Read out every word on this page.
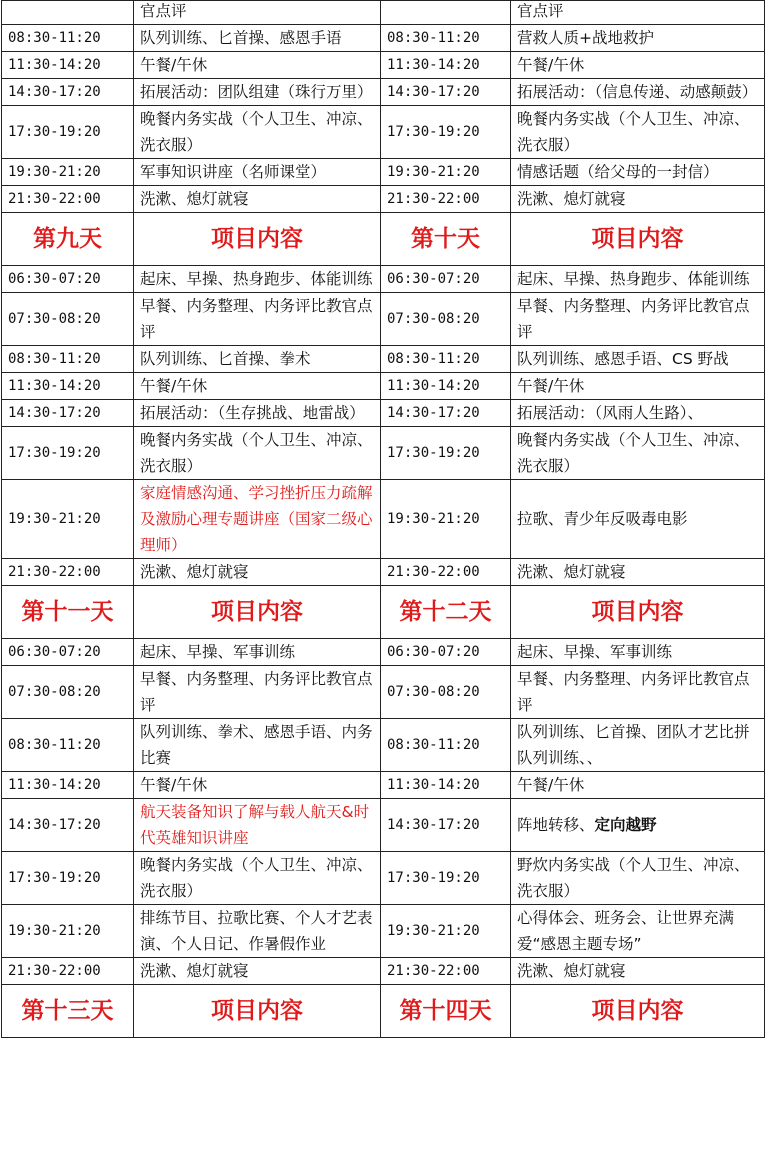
	官点评		官点评
08:30-11:20	队列训练、匕首操、感恩手语	08:30-11:20	营救人质+战地救护
11:30-14:20	午餐/午休	11:30-14:20	午餐/午休
14:30-17:20	拓展活动：团队组建（珠行万里）	14:30-17:20	拓展活动：（信息传递、动感颠鼓）
17:30-19:20	晚餐内务实战（个人卫生、冲凉、洗衣服）	17:30-19:20	晚餐内务实战（个人卫生、冲凉、洗衣服）
19:30-21:20	军事知识讲座（名师课堂）	19:30-21:20	情感话题（给父母的一封信）
21:30-22:00	洗漱、熄灯就寝	21:30-22:00	洗漱、熄灯就寝
第九天	项目内容	第十天	项目内容
06:30-07:20	起床、早操、热身跑步、体能训练	06:30-07:20	起床、早操、热身跑步、体能训练
07:30-08:20	早餐、内务整理、内务评比教官点评	07:30-08:20	早餐、内务整理、内务评比教官点评
08:30-11:20	队列训练、匕首操、拳术	08:30-11:20	队列训练、感恩手语、CS 野战
11:30-14:20	午餐/午休	11:30-14:20	午餐/午休
14:30-17:20	拓展活动：（生存挑战、地雷战）	14:30-17:20	拓展活动：（风雨人生路）、
17:30-19:20	晚餐内务实战（个人卫生、冲凉、洗衣服）	17:30-19:20	晚餐内务实战（个人卫生、冲凉、洗衣服）
19:30-21:20	家庭情感沟通、学习挫折压力疏解及激励心理专题讲座（国家二级心理师）	19:30-21:20	拉歌、青少年反吸毒电影
21:30-22:00	洗漱、熄灯就寝	21:30-22:00	洗漱、熄灯就寝
第十一天	项目内容	第十二天	项目内容
06:30-07:20	起床、早操、军事训练	06:30-07:20	起床、早操、军事训练
07:30-08:20	早餐、内务整理、内务评比教官点评	07:30-08:20	早餐、内务整理、内务评比教官点评
08:30-11:20	队列训练、拳术、感恩手语、内务比赛	08:30-11:20	队列训练、匕首操、团队才艺比拼队列训练、、
11:30-14:20	午餐/午休	11:30-14:20	午餐/午休
14:30-17:20	航天装备知识了解与载人航天&时代英雄知识讲座	14:30-17:20	阵地转移、定向越野
17:30-19:20	晚餐内务实战（个人卫生、冲凉、洗衣服）	17:30-19:20	野炊内务实战（个人卫生、冲凉、洗衣服）
19:30-21:20	排练节目、拉歌比赛、个人才艺表演、个人日记、作暑假作业	19:30-21:20	心得体会、班务会、让世界充满爱“感恩主题专场”
21:30-22:00	洗漱、熄灯就寝	21:30-22:00	洗漱、熄灯就寝
第十三天	项目内容	第十四天	项目内容
